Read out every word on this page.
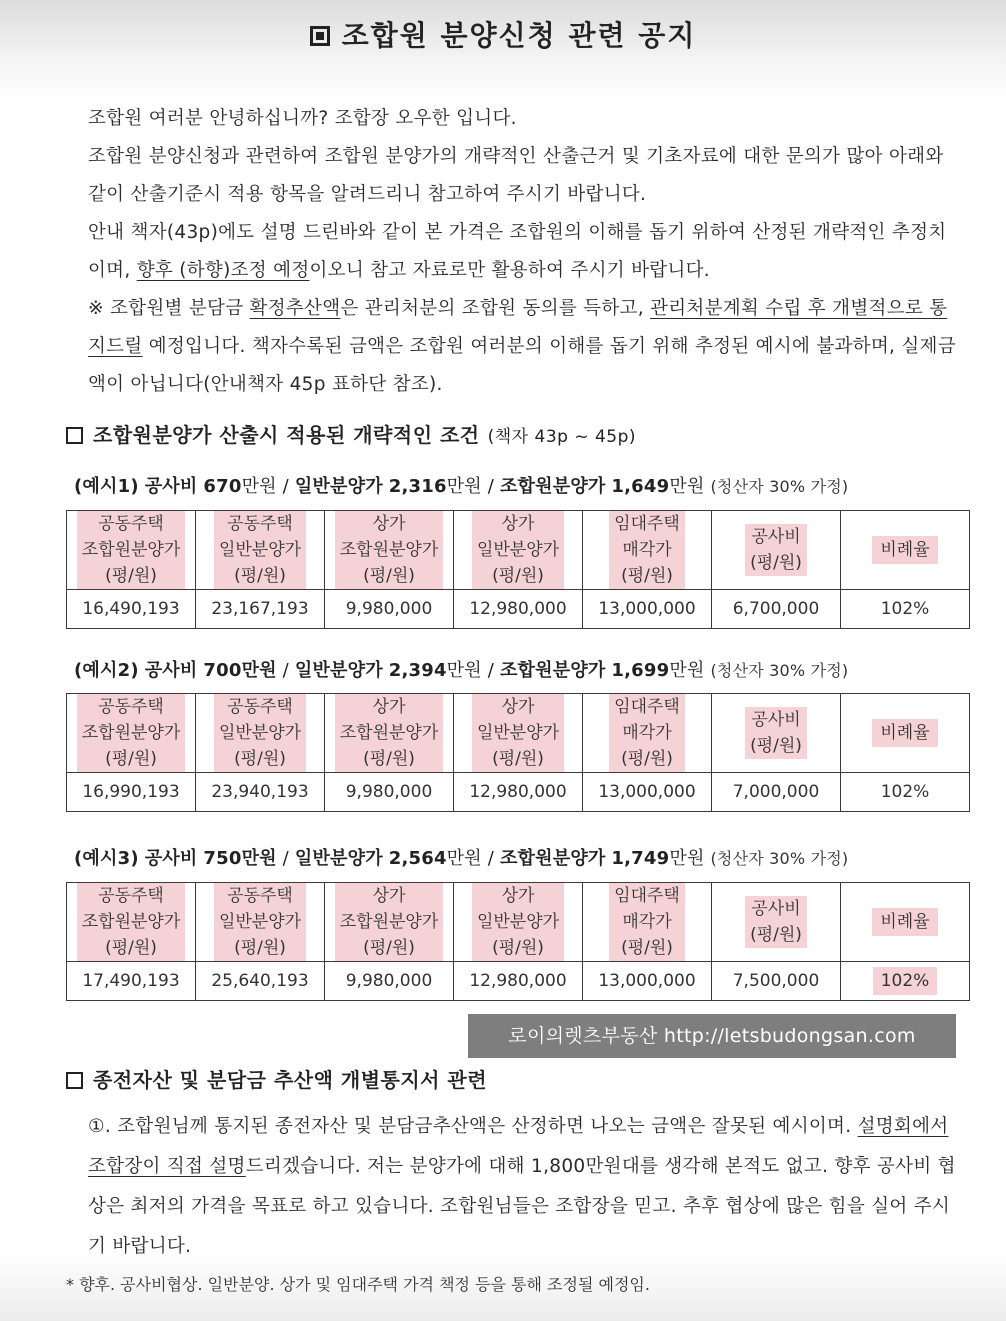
조합원 분양신청 관련 공지

조합원 여러분 안녕하십니까? 조합장 오우한 입니다.

조합원 분양신청과 관련하여 조합원 분양가의 개략적인 산출근거 및 기초자료에 대한 문의가 많아 아래와 같이 산출기준시 적용 항목을 알려드리니 참고하여 주시기 바랍니다.

안내 책자(43p)에도 설명 드린바와 같이 본 가격은 조합원의 이해를 돕기 위하여 산정된 개략적인 추정치이며, 향후 (하향)조정 예정이오니 참고 자료로만 활용하여 주시기 바랍니다.

※ 조합원별 분담금 확정추산액은 관리처분의 조합원 동의를 득하고, 관리처분계획 수립 후 개별적으로 통지드릴 예정입니다. 책자수록된 금액은 조합원 여러분의 이해를 돕기 위해 추정된 예시에 불과하며, 실제금액이 아닙니다(안내책자 45p 표하단 참조).

조합원분양가 산출시 적용된 개략적인 조건 (책자 43p ~ 45p)
(예시1) 공사비 670만원 / 일반분양가 2,316만원 / 조합원분양가 1,649만원 (청산자 30% 가정)
공동주택
조합원분양가
(평/원)	공동주택
일반분양가
(평/원)	상가
조합원분양가
(평/원)	상가
일반분양가
(평/원)	임대주택
매각가
(평/원)	공사비
(평/원)	비례율
16,490,193	23,167,193	9,980,000	12,980,000	13,000,000	6,700,000	102%
(예시2) 공사비 700만원 / 일반분양가 2,394만원 / 조합원분양가 1,699만원 (청산자 30% 가정)
공동주택
조합원분양가
(평/원)	공동주택
일반분양가
(평/원)	상가
조합원분양가
(평/원)	상가
일반분양가
(평/원)	임대주택
매각가
(평/원)	공사비
(평/원)	비례율
16,990,193	23,940,193	9,980,000	12,980,000	13,000,000	7,000,000	102%
(예시3) 공사비 750만원 / 일반분양가 2,564만원 / 조합원분양가 1,749만원 (청산자 30% 가정)
공동주택
조합원분양가
(평/원)	공동주택
일반분양가
(평/원)	상가
조합원분양가
(평/원)	상가
일반분양가
(평/원)	임대주택
매각가
(평/원)	공사비
(평/원)	비례율
17,490,193	25,640,193	9,980,000	12,980,000	13,000,000	7,500,000	102%
로이의렛츠부동산 http://letsbudongsan.com
종전자산 및 분담금 추산액 개별통지서 관련

①. 조합원님께 통지된 종전자산 및 분담금추산액은 산정하면 나오는 금액은 잘못된 예시이며. 설명회에서 조합장이 직접 설명드리겠습니다. 저는 분양가에 대해 1,800만원대를 생각해 본적도 없고. 향후 공사비 협상은 최저의 가격을 목표로 하고 있습니다. 조합원님들은 조합장을 믿고. 추후 협상에 많은 힘을 실어 주시기 바랍니다.

* 향후. 공사비협상. 일반분양. 상가 및 임대주택 가격 책정 등을 통해 조정될 예정임.
